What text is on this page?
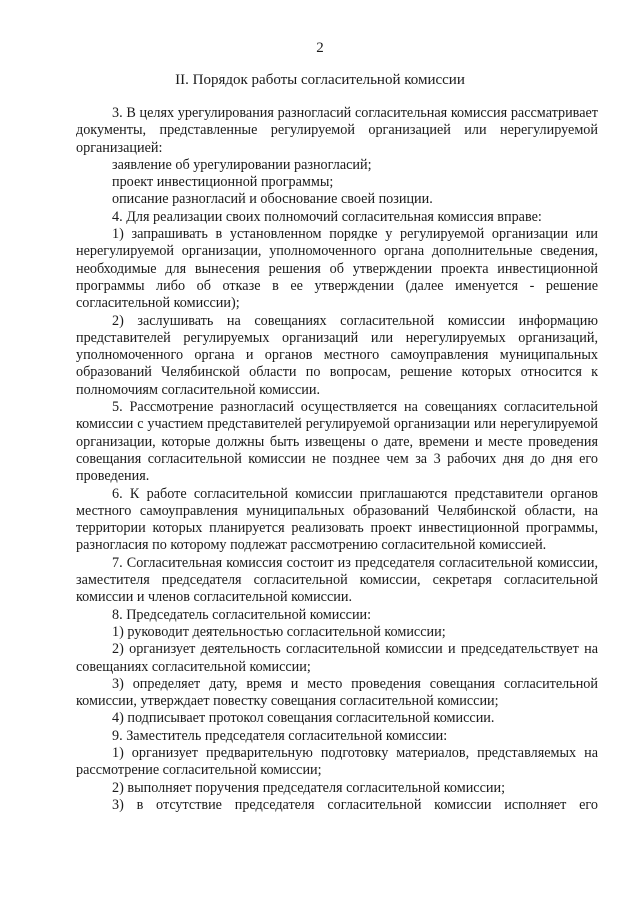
2
II. Порядок работы согласительной комиссии

3. В целях урегулирования разногласий согласительная комиссия рассматривает документы, представленные регулируемой организацией или нерегулируемой организацией:

заявление об урегулировании разногласий;

проект инвестиционной программы;

описание разногласий и обоснование своей позиции.

4. Для реализации своих полномочий согласительная комиссия вправе:

1) запрашивать в установленном порядке у регулируемой организации или нерегулируемой организации, уполномоченного органа дополнительные сведения, необходимые для вынесения решения об утверждении проекта инвестиционной программы либо об отказе в ее утверждении (далее именуется - решение согласительной комиссии);

2) заслушивать на совещаниях согласительной комиссии информацию представителей регулируемых организаций или нерегулируемых организаций, уполномоченного органа и органов местного самоуправления муниципальных образований Челябинской области по вопросам, решение которых относится к полномочиям согласительной комиссии.

5. Рассмотрение разногласий осуществляется на совещаниях согласительной комиссии с участием представителей регулируемой организации или нерегулируемой организации, которые должны быть извещены о дате, времени и месте проведения совещания согласительной комиссии не позднее чем за 3 рабочих дня до дня его проведения.

6. К работе согласительной комиссии приглашаются представители органов местного самоуправления муниципальных образований Челябинской области, на территории которых планируется реализовать проект инвестиционной программы, разногласия по которому подлежат рассмотрению согласительной комиссией.

7. Согласительная комиссия состоит из председателя согласительной комиссии, заместителя председателя согласительной комиссии, секретаря согласительной комиссии и членов согласительной комиссии.

8. Председатель согласительной комиссии:

1) руководит деятельностью согласительной комиссии;

2) организует деятельность согласительной комиссии и председательствует на совещаниях согласительной комиссии;

3) определяет дату, время и место проведения совещания согласительной комиссии, утверждает повестку совещания согласительной комиссии;

4) подписывает протокол совещания согласительной комиссии.

9. Заместитель председателя согласительной комиссии:

1) организует предварительную подготовку материалов, представляемых на рассмотрение согласительной комиссии;

2) выполняет поручения председателя согласительной комиссии;

3) в отсутствие председателя согласительной комиссии исполняет его
